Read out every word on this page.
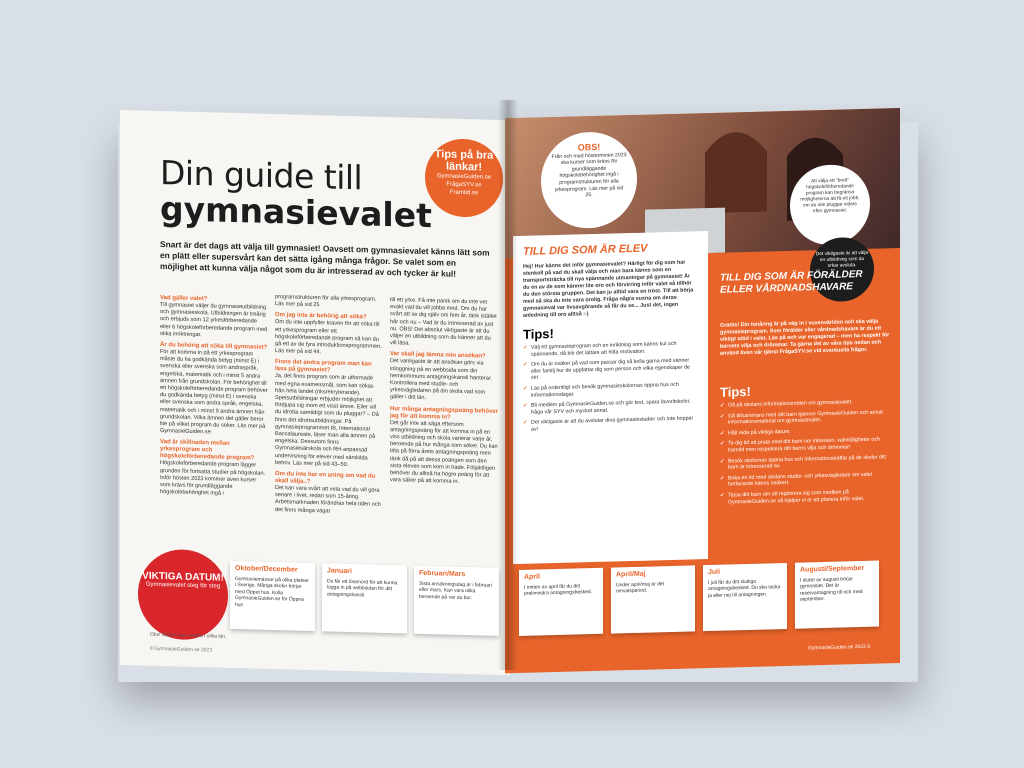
Din guide till
gymnasievalet
Tips på bra länkar!
GymnasieGuiden.se
FrågaSYV.se
Framtid.se
Snart är det dags att välja till gymnasiet! Oavsett om gymnasievalet känns lätt som en plätt eller supersvårt kan det sätta igång många frågor. Se valet som en möjlighet att kunna välja något som du är intresserad av och tycker är kul!
Vad gäller valet?

Till gymnasiet väljer du gymnasieutbildning och gymnasieskola. Utbildningen är treårig och erbjuds som 12 yrkesförberedande eller 6 högskoleförberedande program med olika inriktningar.

Är du behörig att söka till gymnasiet?

För att komma in på ett yrkesprogram måste du ha godkända betyg (minst E) i svenska eller svenska som andraspråk, engelska, matematik och i minst 5 andra ämnen från grundskolan. För behörighet till ett högskoleförberedande program behöver du godkända betyg (minst E) i svenska eller svenska som andra språk, engelska, matematik och i minst 9 andra ämnen från grundskolan. Vilka ämnen det gäller beror lite på vilket program du söker. Läs mer på GymnasieGuiden.se.

Vad är skillnaden mellan yrkesprogram och högskoleförberedande program?

Högskoleförberedande program lägger grunden för fortsatta studier på högskolan. Inför hösten 2023 kommer även kurser som krävs för grundläggande högskolebehörighet ingå i

programstrukturen för alla yrkesprogram. Läs mer på sid 25

Om jag inte är behörig att söka?

Om du inte uppfyller kraven för att söka till ett yrkesprogram eller ett högskoleförberedande program så kan du gå ett av de fyra introduktionsprogrammen. Läs mer på sid 44.

Finns det andra program man kan läsa på gymnasiet?

Ja, det finns program som är utformade med egna examensmål, som kan sökas från hela landet (riksrekryterande). Spetsutbildningar erbjuder möjlighet att fördjupa sig inom ett visst ämne. Eller vill du idrotta samtidigt som du pluggar? – Då finns det idrottsutbildningar. På gymnasieprogrammet IB, International Baccalaureate, läser man alla ämnen på engelska. Dessutom finns Gymnasiesärskola och RH-anpassad undervisning för elever med särskilda behov. Läs mer på sid 43–50.

Om du inte har en aning om vad du skall välja..?

Det kan vara svårt att veta vad du vill göra senare i livet, redan som 15-åring. Arbetsmarknaden förändras hela tiden och det finns många vägar

till ett yrke. Få inte panik om du inte vet exakt vad du vill jobba med. Om du har svårt att se dig själv om fem år, tänk istället hår och nu – Vad är du intresserad av just nu. OBS! Det absolut viktigaste är att du väljer en utbildning som du känner att du vill läsa.

Var skall jag lämna min ansökan?

Det vanligaste är att ansökan görs via inloggning på en webbsida som din hemkommuns antagningskansli hanterar. Kontrollera med studie- och yrkesvägledaren på din skola vad som gäller i ditt län.

Hur många antagningspoäng behöver jag för att komma in?

Det går inte att säga eftersom antagningspoäng för att komma in på en viss utbildning och skola varierar varje år, beroende på hur många som söker. Du kan titta på förra årets antagningspoäng men tänk då på att dessa poängen som den sista eleven som kom in hade. Följaktligen behöver du alltså ha högre poäng för att vara säker på att komma in.

VIKTIGA DATUM!
Gymnasievalet steg för steg
Oktober/December
Gymnasiemässor på olika platser i Sverige. Många skolor börjar med Öppet hus. Kolla GymnasieGuiden.se för Öppna hus
Januari
Du får ett lösenord för att kunna logga in på webbsidan för ditt antagningskansli.
Februari/Mars
Sista ansökningsdag är i februari eller mars. Kan vara olika beroende på var du bor.
Obs! Datum kan variera i olika län.
8 GymnasieGuiden.se 2023
OBS!
Från och med hösterminen 2023 ska kurser som krävs för grundläggande högskolebehörighet ingå i programstrukturen för alla yrkesprogram. Läs mer på sid 25.
Att välja ett "brett" högskoleförberedande program kan begränsa möjligheterna att få ett jobb, om du inte pluggar vidare efter gymnasiet.
TILL DIG SOM ÄR ELEV
Hej! Hur känns det inför gymnasievalet? Härligt för dig som har stenkoll på vad du skall välja och nian bara känns som en transportsträcka till nya spännande utmaningar på gymnasiet! Är du en av de som känner lite oro och förvirring inför valet så tillhör du den största gruppen. Det kan ju alltid vara en tröst. Till att börja med så ska du inte vara orolig. Fråga några vuxna om deras gymnasieval var livsavgörande så får du se... Just det, ingen anledning till oro alltså :-)
Tips!
✓ Välj ett gymnasieprogram och en inriktning som känns kul och spännande, då blir det lättare att hitta motivation.
✓ Om du är osäker på vad som passar dig så kolla gärna med vänner eller familj hur de uppfattar dig som person och vilka egenskaper de ser.
✓ Läs på ordentligt och besök gymnasieskolornas öppna hus och informationsdagar.
✓ Bli medlem på GymnasieGuiden.se och gör test, spara favoritskolor, fråga vår SYV och mycket annat.
✓ Det viktigaste är att du avslutar dina gymnasiestudier och inte hoppar av!
Det viktigaste är att välja en utbildning som du orkar avsluta.
TILL DIG SOM ÄR FÖRÄLDER ELLER VÅRDNADSHAVARE
Grattis! Din tonåring är på väg in i vuxenvärlden och ska välja gymnasieprogram. Som förälder eller vårdnadshavare är du ett viktigt stöd i valet. Läs på och var engagerad – men ha respekt för barnets vilja och drömmar. Ta gärna del av våra tips nedan och använd även vår tjänst FrågaSYV.se vid eventuella frågor.
Tips!
✓ Gå på skolans informationsmöten om gymnasievalet.
✓ Gå tillsammans med ditt barn igenom GymnasieGuiden och annat informationsmaterial om gymnasievalet.
✓ Håll reda på viktiga datum.
✓ Ta dig tid att prata med ditt barn om intressen, valmöjligheter och framtid men respektera ditt barns vilja och drömmar!
✓ Besök skolornas öppna hus och informationsträffar på de skolor ditt barn är intresserad av.
✓ Boka en tid med skolans studie- och yrkesvägledare om valet fortfarande känns osäkert.
✓ Tipsa ditt barn om att registrera sig som medlem på GymnasieGuiden.se så hjälper vi er att planera inför valet.
April
I mitten av april får du ditt preliminära antagningsbesked.
April/Maj
Under april/maj är det omvalsperiod.
Juli
I juli får du ditt slutliga antagningsbesked. Du ska tacka ja eller nej till antagningen.
Augusti/September
I slutet av augusti börjar gymnasiet. Det är reservantagning till och med september.
GymnasieGuiden.se 2023 9
